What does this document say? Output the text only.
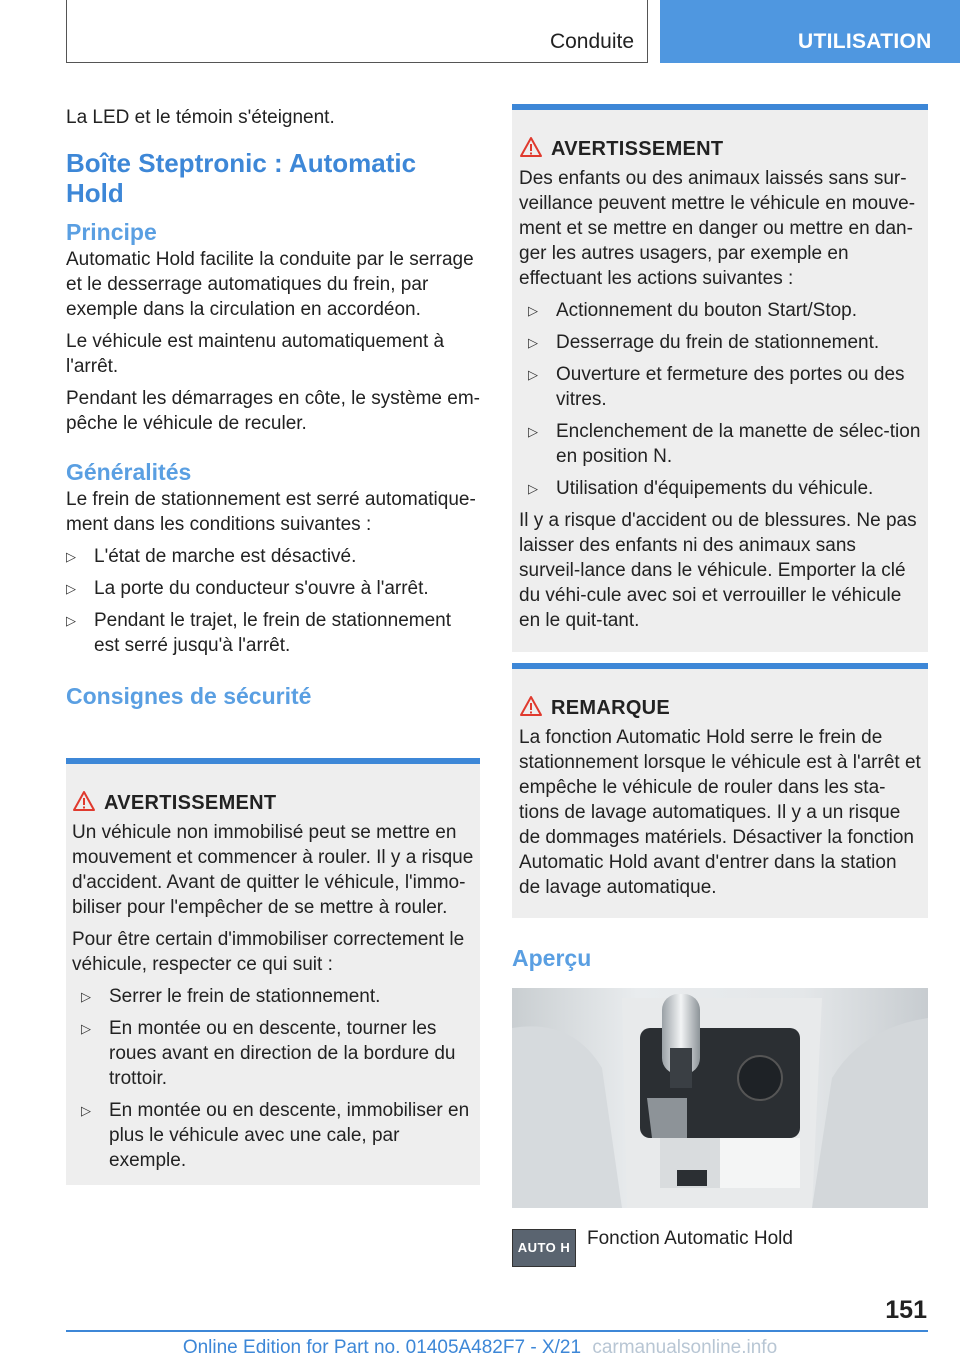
Conduite	UTILISATION

La LED et le témoin s'éteignent.

Boîte Steptronic : Automatic
Hold
Principe

Automatic Hold facilite la conduite par le serrage et le desserrage automatiques du frein, par exemple dans la circulation en accordéon.

Le véhicule est maintenu automatiquement à l'arrêt.

Pendant les démarrages en côte, le système em‐pêche le véhicule de reculer.

Généralités

Le frein de stationnement est serré automatique‐ment dans les conditions suivantes :

▷ L'état de marche est désactivé.
▷ La porte du conducteur s'ouvre à l'arrêt.
▷ Pendant le trajet, le frein de stationnement est serré jusqu'à l'arrêt.
Consignes de sécurité
AVERTISSEMENT

Un véhicule non immobilisé peut se mettre en mouvement et commencer à rouler. Il y a risque d'accident. Avant de quitter le véhicule, l'immo‐biliser pour l'empêcher de se mettre à rouler.

Pour être certain d'immobiliser correctement le véhicule, respecter ce qui suit :

▷ Serrer le frein de stationnement.
▷ En montée ou en descente, tourner les roues avant en direction de la bordure du trottoir.
▷ En montée ou en descente, immobiliser en plus le véhicule avec une cale, par exemple.
AVERTISSEMENT

Des enfants ou des animaux laissés sans sur‐veillance peuvent mettre le véhicule en mouve‐ment et se mettre en danger ou mettre en dan‐ger les autres usagers, par exemple en effectuant les actions suivantes :

▷ Actionnement du bouton Start/Stop.
▷ Desserrage du frein de stationnement.
▷ Ouverture et fermeture des portes ou des vitres.
▷ Enclenchement de la manette de sélec‐tion en position N.
▷ Utilisation d'équipements du véhicule.

Il y a risque d'accident ou de blessures. Ne pas laisser des enfants ni des animaux sans surveil‐lance dans le véhicule. Emporter la clé du véhi‐cule avec soi et verrouiller le véhicule en le quit‐tant.

REMARQUE

La fonction Automatic Hold serre le frein de stationnement lorsque le véhicule est à l'arrêt et empêche le véhicule de rouler dans les sta‐tions de lavage automatiques. Il y a un risque de dommages matériels. Désactiver la fonction Automatic Hold avant d'entrer dans la station de lavage automatique.

Aperçu
AUTO H Fonction Automatic Hold

151
Online Edition for Part no. 01405A482F7 - X/21 carmanualsonline.info
